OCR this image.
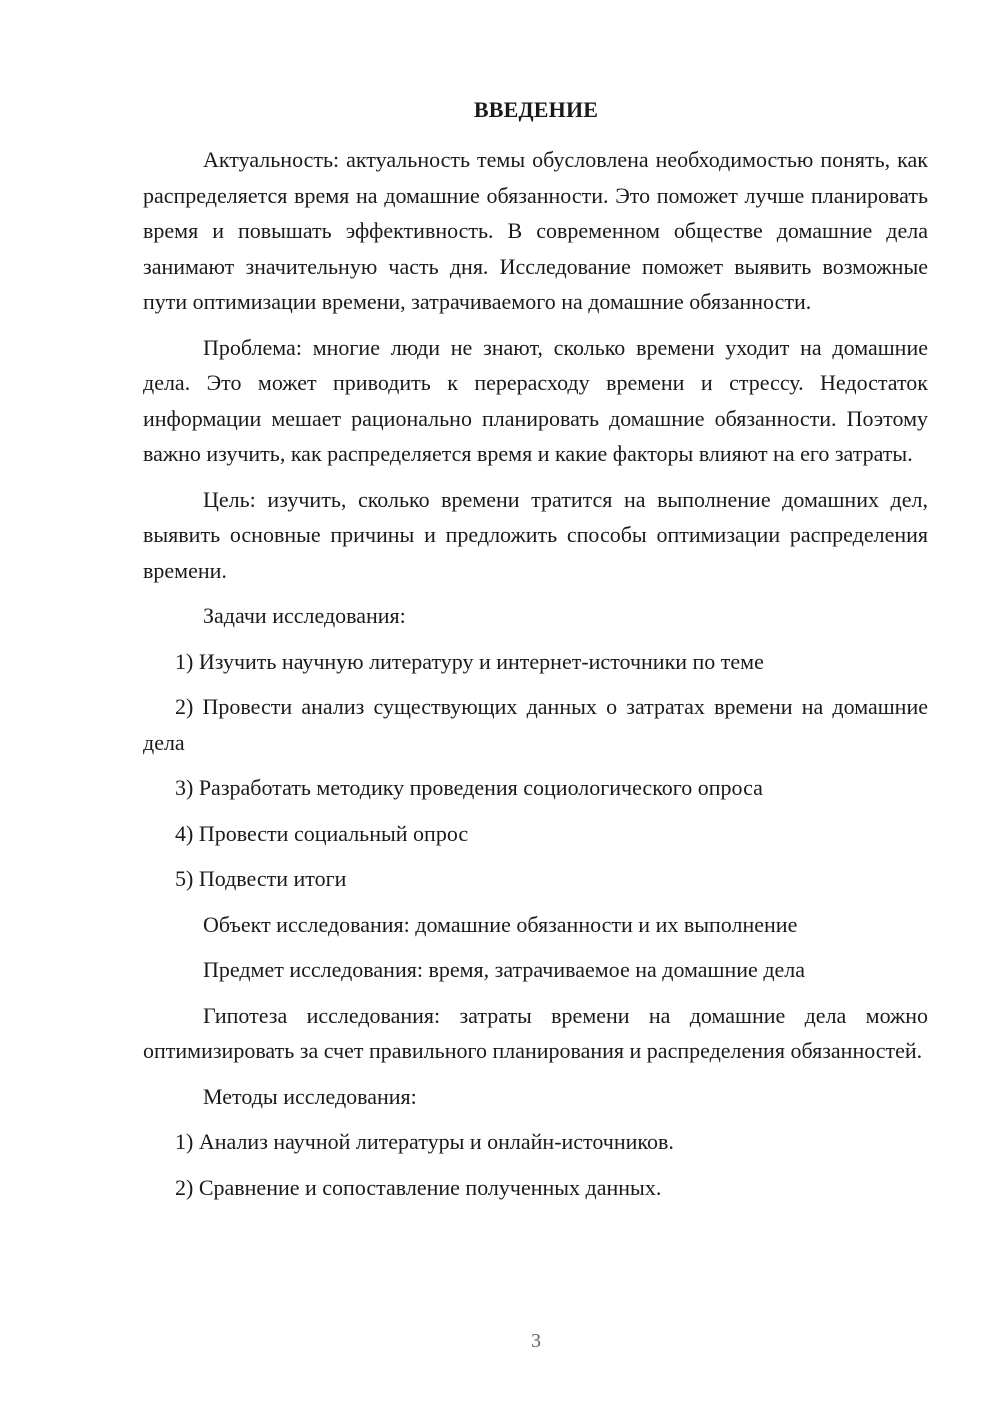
ВВЕДЕНИЕ

Актуальность: актуальность темы обусловлена необходимостью понять, как распределяется время на домашние обязанности. Это поможет лучше планировать время и повышать эффективность. В современном обществе домашние дела занимают значительную часть дня. Исследование поможет выявить возможные пути оптимизации времени, затрачиваемого на домашние обязанности.

Проблема: многие люди не знают, сколько времени уходит на домашние дела. Это может приводить к перерасходу времени и стрессу. Недостаток информации мешает рационально планировать домашние обязанности. Поэтому важно изучить, как распределяется время и какие факторы влияют на его затраты.

Цель: изучить, сколько времени тратится на выполнение домашних дел, выявить основные причины и предложить способы оптимизации распределения времени.

Задачи исследования:

1) Изучить научную литературу и интернет-источники по теме

2) Провести анализ существующих данных о затратах времени на домашние дела

3) Разработать методику проведения социологического опроса

4) Провести социальный опрос

5) Подвести итоги

Объект исследования: домашние обязанности и их выполнение

Предмет исследования: время, затрачиваемое на домашние дела

Гипотеза исследования: затраты времени на домашние дела можно оптимизировать за счет правильного планирования и распределения обязанностей.

Методы исследования:

1) Анализ научной литературы и онлайн-источников.

2) Сравнение и сопоставление полученных данных.

3
